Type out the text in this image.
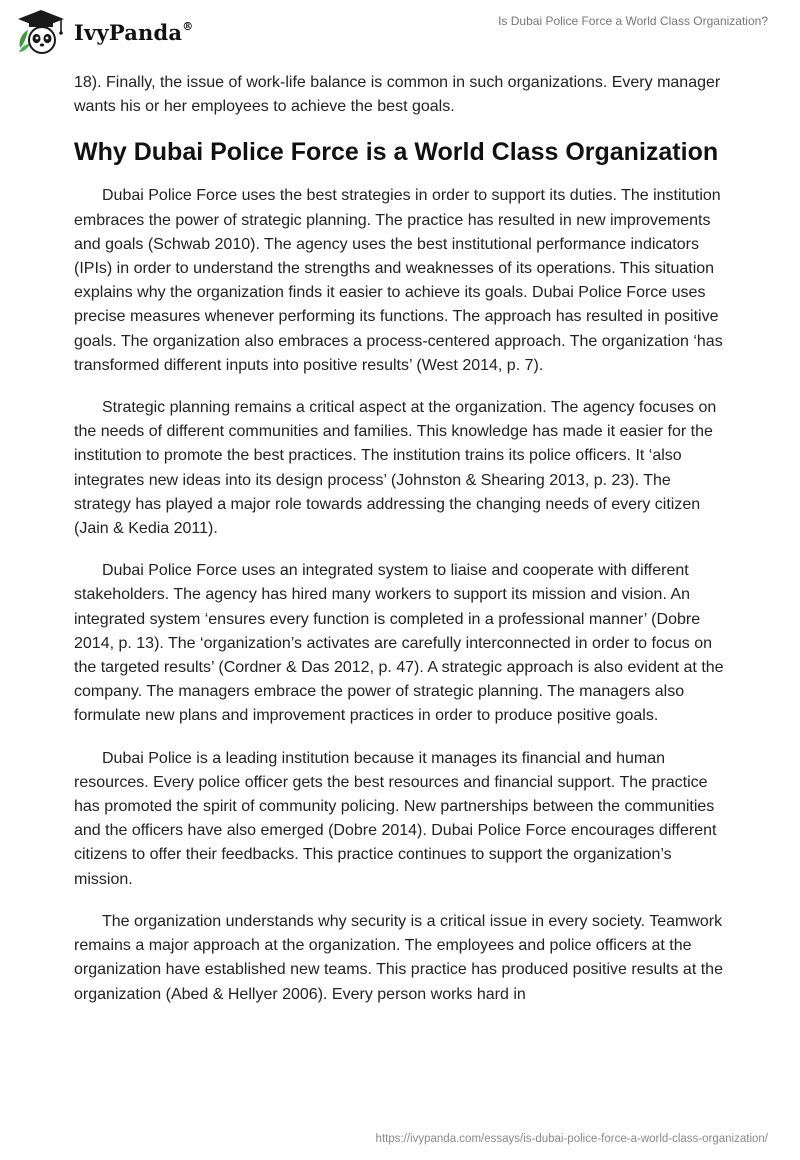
IvyPanda®	Is Dubai Police Force a World Class Organization?

18). Finally, the issue of work-life balance is common in such organizations. Every manager wants his or her employees to achieve the best goals.

Why Dubai Police Force is a World Class Organization

Dubai Police Force uses the best strategies in order to support its duties. The institution embraces the power of strategic planning. The practice has resulted in new improvements and goals (Schwab 2010). The agency uses the best institutional performance indicators (IPIs) in order to understand the strengths and weaknesses of its operations. This situation explains why the organization finds it easier to achieve its goals. Dubai Police Force uses precise measures whenever performing its functions. The approach has resulted in positive goals. The organization also embraces a process-centered approach. The organization ‘has transformed different inputs into positive results’ (West 2014, p. 7).

Strategic planning remains a critical aspect at the organization. The agency focuses on the needs of different communities and families. This knowledge has made it easier for the institution to promote the best practices. The institution trains its police officers. It ‘also integrates new ideas into its design process’ (Johnston & Shearing 2013, p. 23). The strategy has played a major role towards addressing the changing needs of every citizen (Jain & Kedia 2011).

Dubai Police Force uses an integrated system to liaise and cooperate with different stakeholders. The agency has hired many workers to support its mission and vision. An integrated system ‘ensures every function is completed in a professional manner’ (Dobre 2014, p. 13). The ‘organization’s activates are carefully interconnected in order to focus on the targeted results’ (Cordner & Das 2012, p. 47). A strategic approach is also evident at the company. The managers embrace the power of strategic planning. The managers also formulate new plans and improvement practices in order to produce positive goals.

Dubai Police is a leading institution because it manages its financial and human resources. Every police officer gets the best resources and financial support. The practice has promoted the spirit of community policing. New partnerships between the communities and the officers have also emerged (Dobre 2014). Dubai Police Force encourages different citizens to offer their feedbacks. This practice continues to support the organization’s mission.

The organization understands why security is a critical issue in every society. Teamwork remains a major approach at the organization. The employees and police officers at the organization have established new teams. This practice has produced positive results at the organization (Abed & Hellyer 2006). Every person works hard in

https://ivypanda.com/essays/is-dubai-police-force-a-world-class-organization/
